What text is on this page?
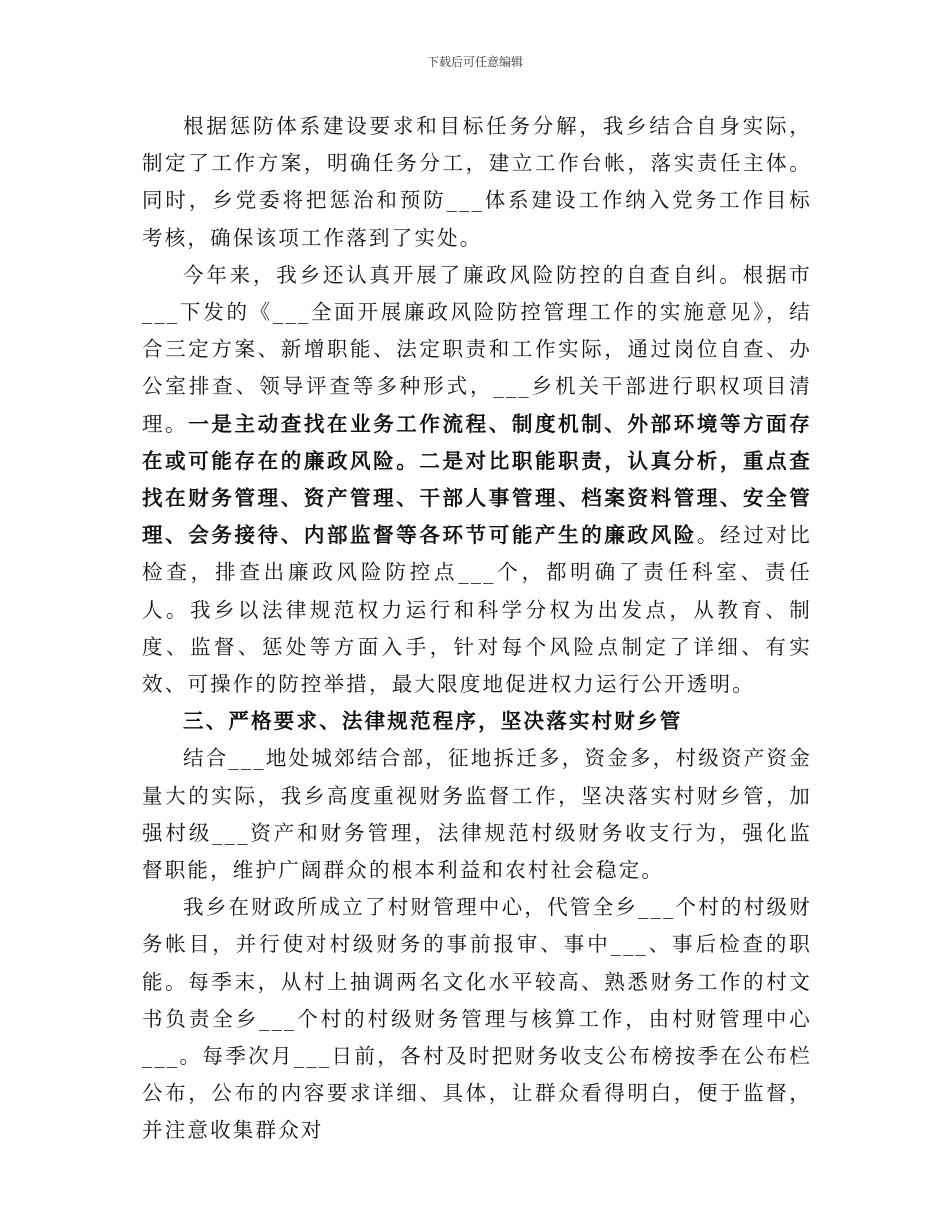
下载后可任意编辑

根据惩防体系建设要求和目标任务分解，我乡结合自身实际，制定了工作方案，明确任务分工，建立工作台帐，落实责任主体。同时，乡党委将把惩治和预防___体系建设工作纳入党务工作目标考核，确保该项工作落到了实处。

今年来，我乡还认真开展了廉政风险防控的自查自纠。根据市___下发的《___全面开展廉政风险防控管理工作的实施意见》，结合三定方案、新增职能、法定职责和工作实际，通过岗位自查、办公室排查、领导评查等多种形式，___乡机关干部进行职权项目清理。一是主动查找在业务工作流程、制度机制、外部环境等方面存在或可能存在的廉政风险。二是对比职能职责，认真分析，重点查找在财务管理、资产管理、干部人事管理、档案资料管理、安全管理、会务接待、内部监督等各环节可能产生的廉政风险。经过对比检查，排查出廉政风险防控点___个，都明确了责任科室、责任人。我乡以法律规范权力运行和科学分权为出发点，从教育、制度、监督、惩处等方面入手，针对每个风险点制定了详细、有实效、可操作的防控举措，最大限度地促进权力运行公开透明。

三、严格要求、法律规范程序，坚决落实村财乡管

结合___地处城郊结合部，征地拆迁多，资金多，村级资产资金量大的实际，我乡高度重视财务监督工作，坚决落实村财乡管，加强村级___资产和财务管理，法律规范村级财务收支行为，强化监督职能，维护广阔群众的根本利益和农村社会稳定。

我乡在财政所成立了村财管理中心，代管全乡___个村的村级财务帐目，并行使对村级财务的事前报审、事中___、事后检查的职能。每季末，从村上抽调两名文化水平较高、熟悉财务工作的村文书负责全乡___个村的村级财务管理与核算工作，由村财管理中心___。每季次月___日前，各村及时把财务收支公布榜按季在公布栏公布，公布的内容要求详细、具体，让群众看得明白，便于监督，并注意收集群众对
